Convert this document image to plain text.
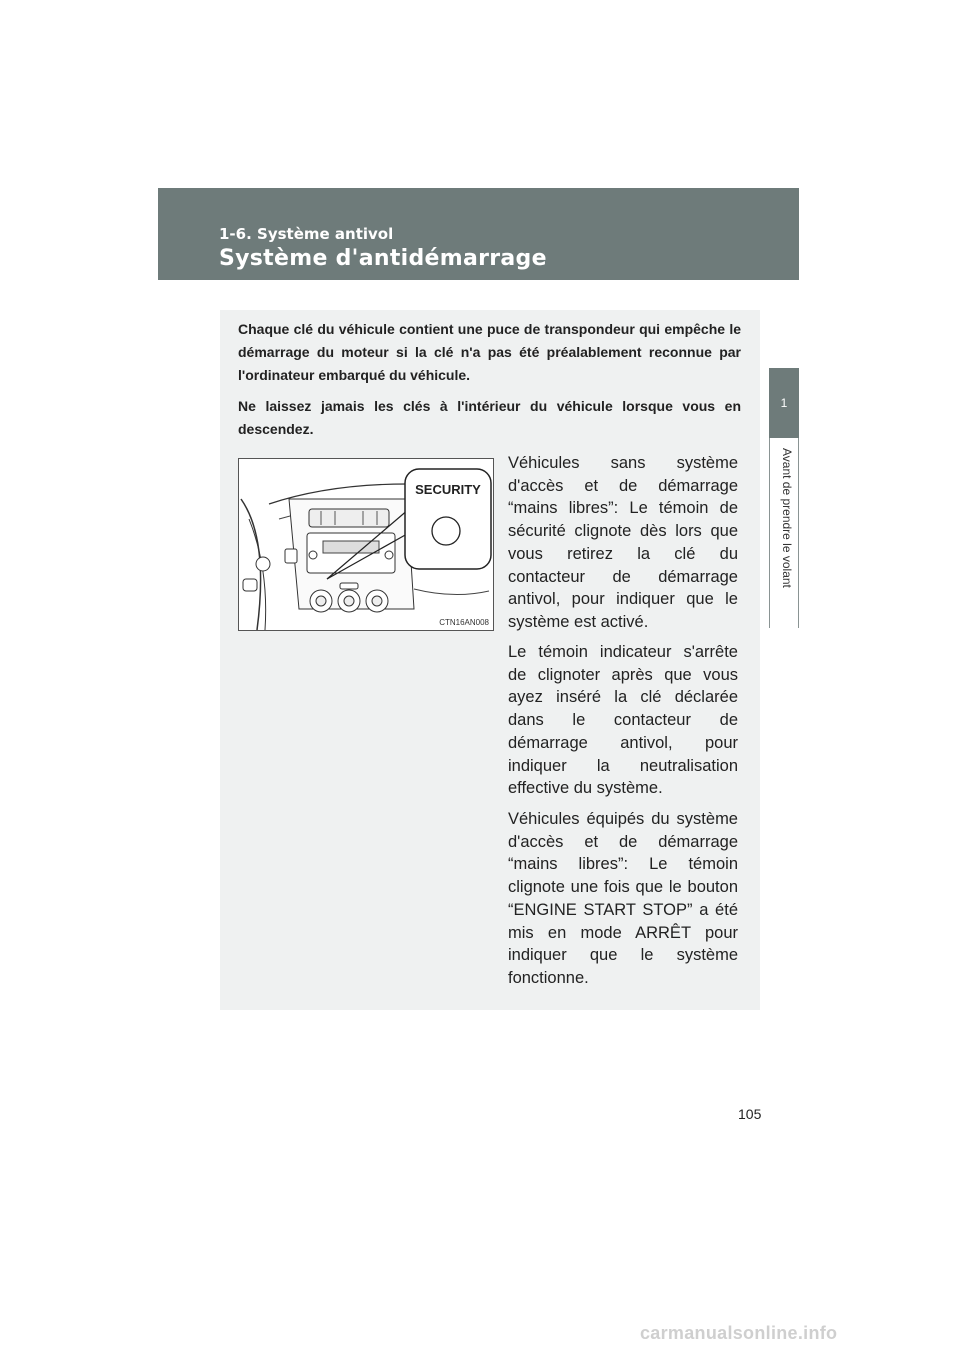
1-6. Système antivol
Système d'antidémarrage
1
Avant de prendre le volant

Chaque clé du véhicule contient une puce de transpondeur qui empêche le démarrage du moteur si la clé n'a pas été préalablement reconnue par l'ordinateur embarqué du véhicule.

Ne laissez jamais les clés à l'intérieur du véhicule lorsque vous en descendez.

SECURITY
CTN16AN008

Véhicules sans système d'accès et de démarrage “mains libres”: Le témoin de sécurité clignote dès lors que vous retirez la clé du contacteur de démarrage antivol, pour indiquer que le système est activé.

Le témoin indicateur s'arrête de clignoter après que vous ayez inséré la clé déclarée dans le contacteur de démarrage antivol, pour indiquer la neutralisation effective du système.

Véhicules équipés du système d'accès et de démarrage “mains libres”: Le témoin clignote une fois que le bouton “ENGINE START STOP” a été mis en mode ARRÊT pour indiquer que le système fonctionne.

105
carmanualsonline.info
